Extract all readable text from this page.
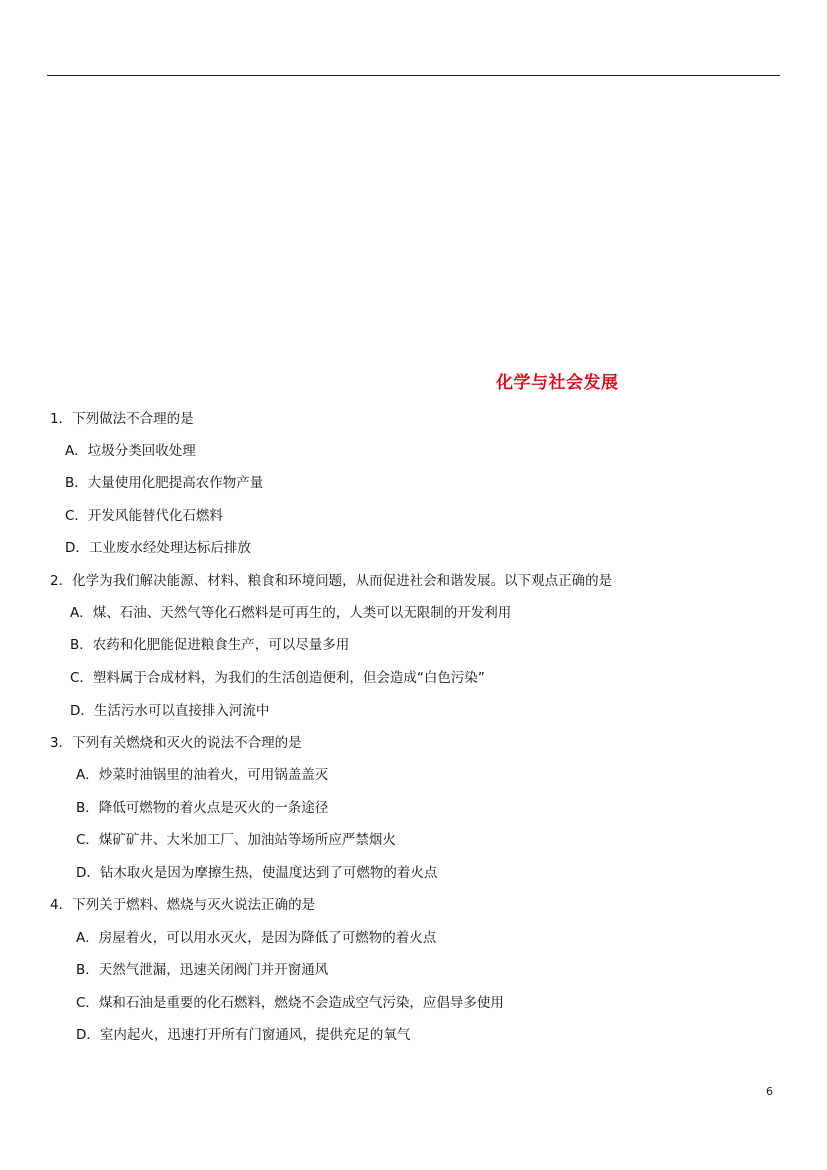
化学与社会发展
1．下列做法不合理的是
A．垃圾分类回收处理
B．大量使用化肥提高农作物产量
C．开发风能替代化石燃料
D．工业废水经处理达标后排放
2．化学为我们解决能源、材料、粮食和环境问题，从而促进社会和谐发展。以下观点正确的是
A．煤、石油、天然气等化石燃料是可再生的，人类可以无限制的开发利用
B．农药和化肥能促进粮食生产，可以尽量多用
C．塑料属于合成材料，为我们的生活创造便利，但会造成“白色污染”
D．生活污水可以直接排入河流中
3．下列有关燃烧和灭火的说法不合理的是
A．炒菜时油锅里的油着火，可用锅盖盖灭
B．降低可燃物的着火点是灭火的一条途径
C．煤矿矿井、大米加工厂、加油站等场所应严禁烟火
D．钻木取火是因为摩擦生热，使温度达到了可燃物的着火点
4．下列关于燃料、燃烧与灭火说法正确的是
A．房屋着火，可以用水灭火，是因为降低了可燃物的着火点
B．天然气泄漏，迅速关闭阀门并开窗通风
C．煤和石油是重要的化石燃料，燃烧不会造成空气污染，应倡导多使用
D．室内起火，迅速打开所有门窗通风，提供充足的氧气
6
